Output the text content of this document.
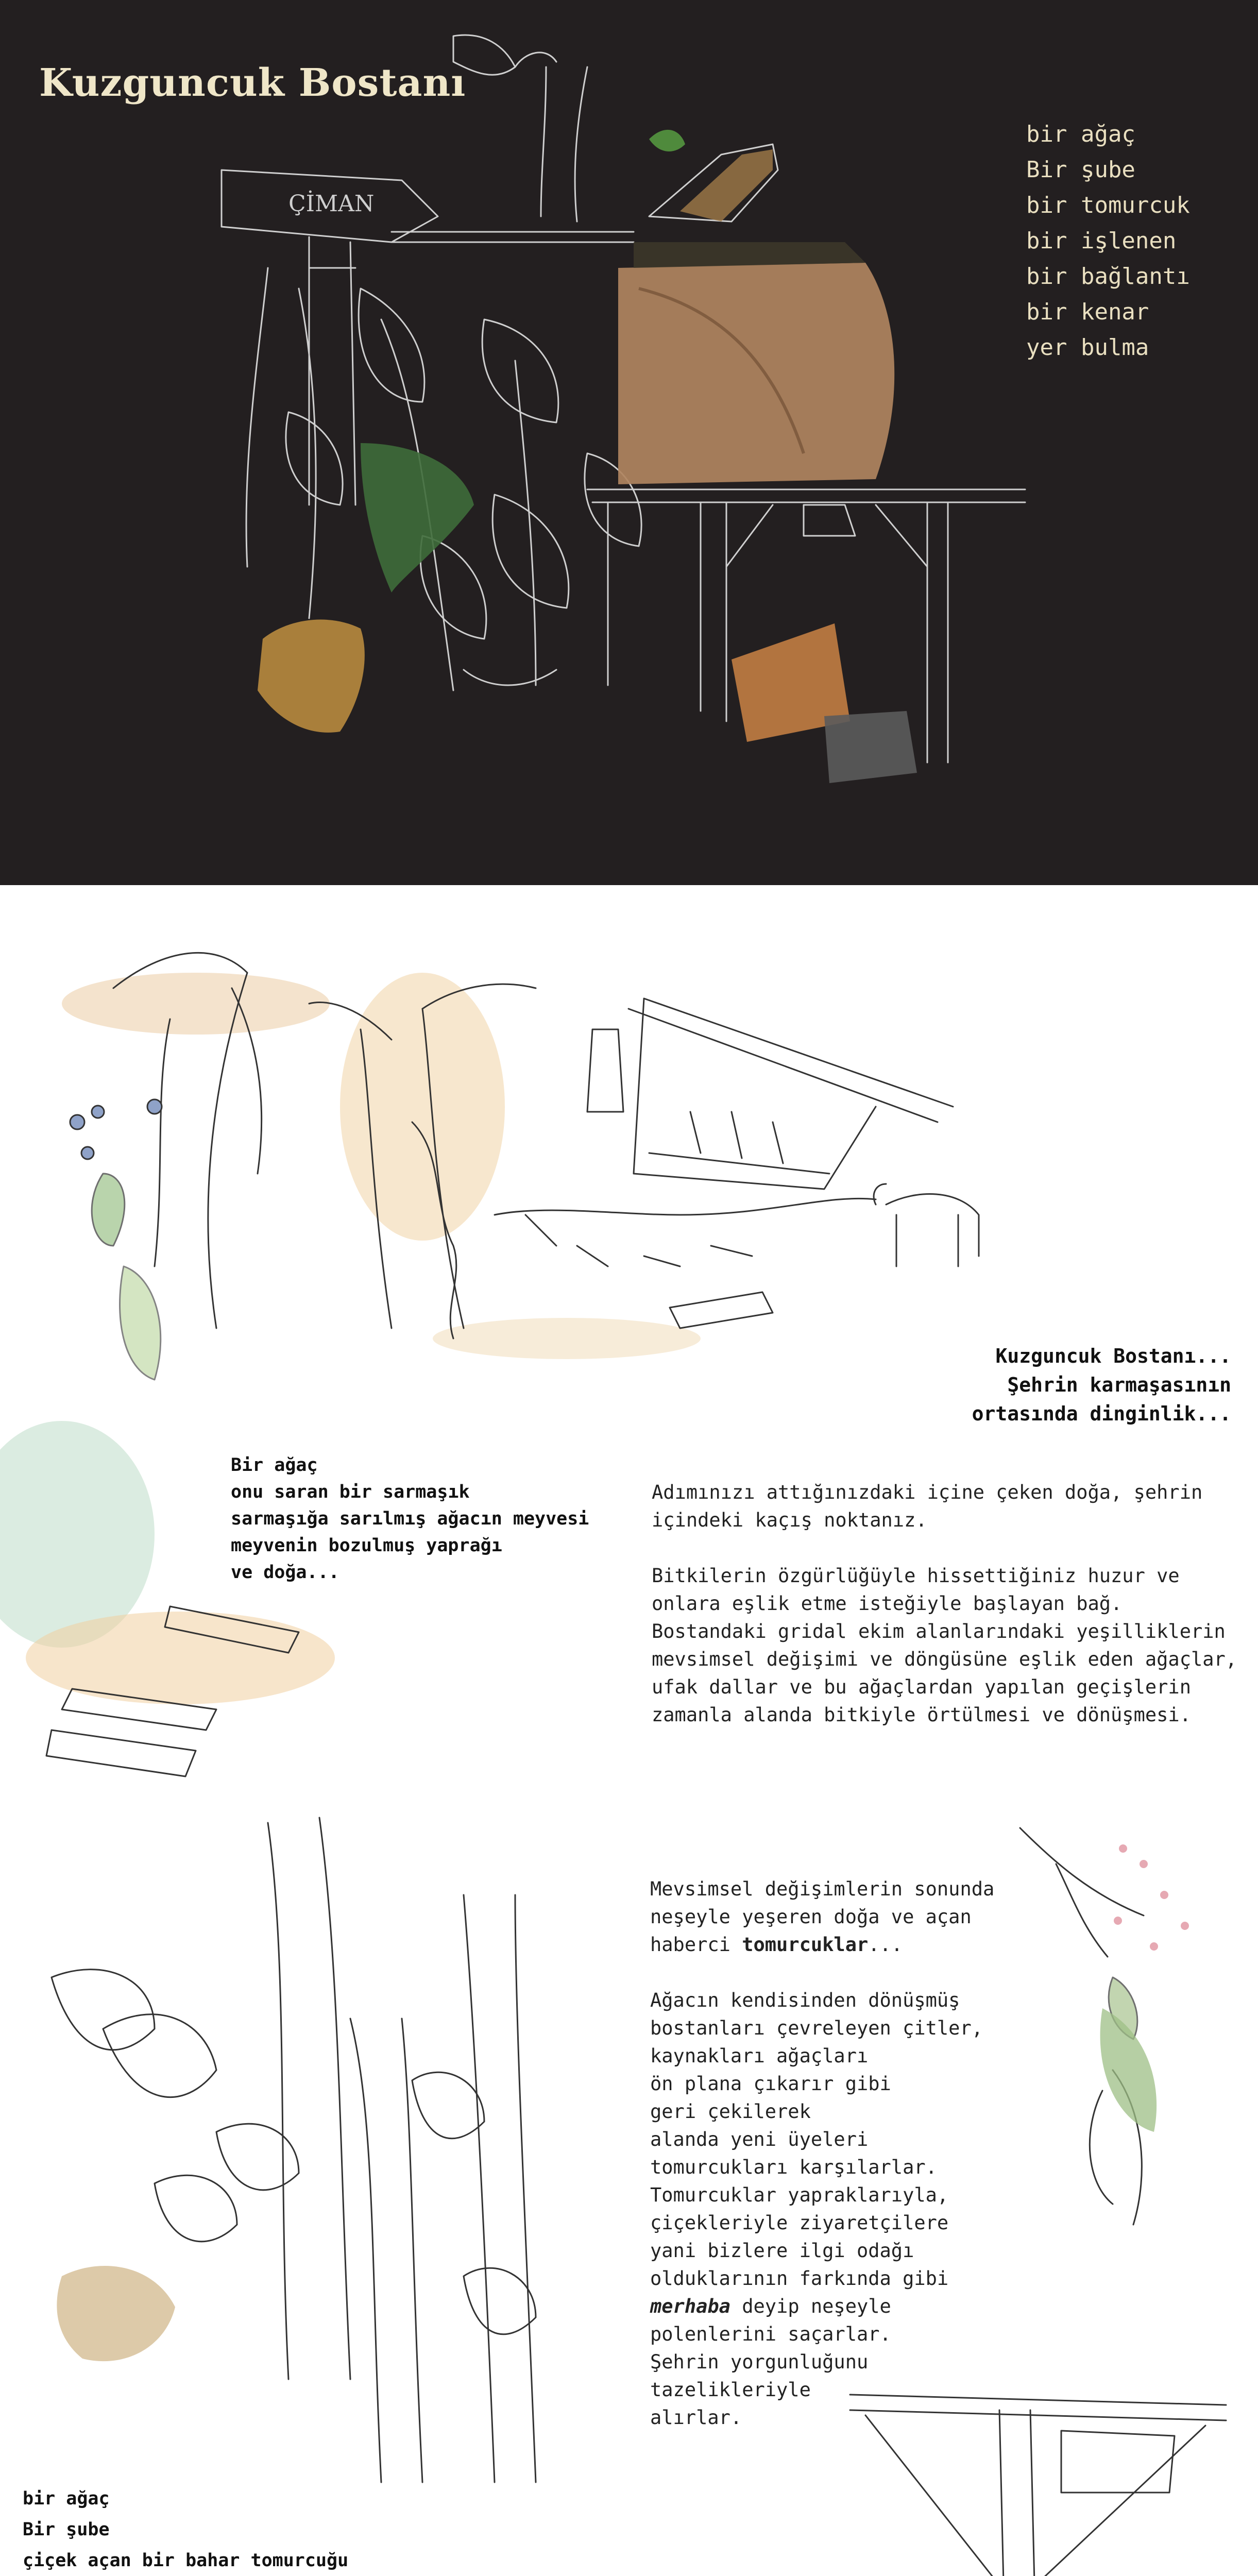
ÇİMAN
Kuzguncuk Bostanı
bir ağaç
Bir şube
bir tomurcuk
bir işlenen
bir bağlantı
bir kenar
yer bulma
Kuzguncuk Bostanı...
Şehrin karmaşasının
ortasında dinginlik...
Bir ağaç
onu saran bir sarmaşık
sarmaşığa sarılmış ağacın meyvesi
meyvenin bozulmuş yaprağı
ve doğa...

Adımınızı attığınızdaki içine çeken doğa, şehrin
içindeki kaçış noktanız.

Bitkilerin özgürlüğüyle hissettiğiniz huzur ve
onlara eşlik etme isteğiyle başlayan bağ.
Bostandaki gridal ekim alanlarındaki yeşilliklerin
mevsimsel değişimi ve döngüsüne eşlik eden ağaçlar,
ufak dallar ve bu ağaçlardan yapılan geçişlerin
zamanla alanda bitkiyle örtülmesi ve dönüşmesi.

Mevsimsel değişimlerin sonunda
neşeyle yeşeren doğa ve açan
haberci tomurcuklar...

Ağacın kendisinden dönüşmüş
bostanları çevreleyen çitler,
kaynakları ağaçları
ön plana çıkarır gibi
geri çekilerek
alanda yeni üyeleri
tomurcukları karşılarlar.
Tomurcuklar yapraklarıyla,
çiçekleriyle ziyaretçilere
yani bizlere ilgi odağı
olduklarının farkında gibi
merhaba deyip neşeyle
polenlerini saçarlar.
Şehrin yorgunluğunu
tazelikleriyle
alırlar.

bir ağaç
Bir şube
çiçek açan bir bahar tomurcuğu
